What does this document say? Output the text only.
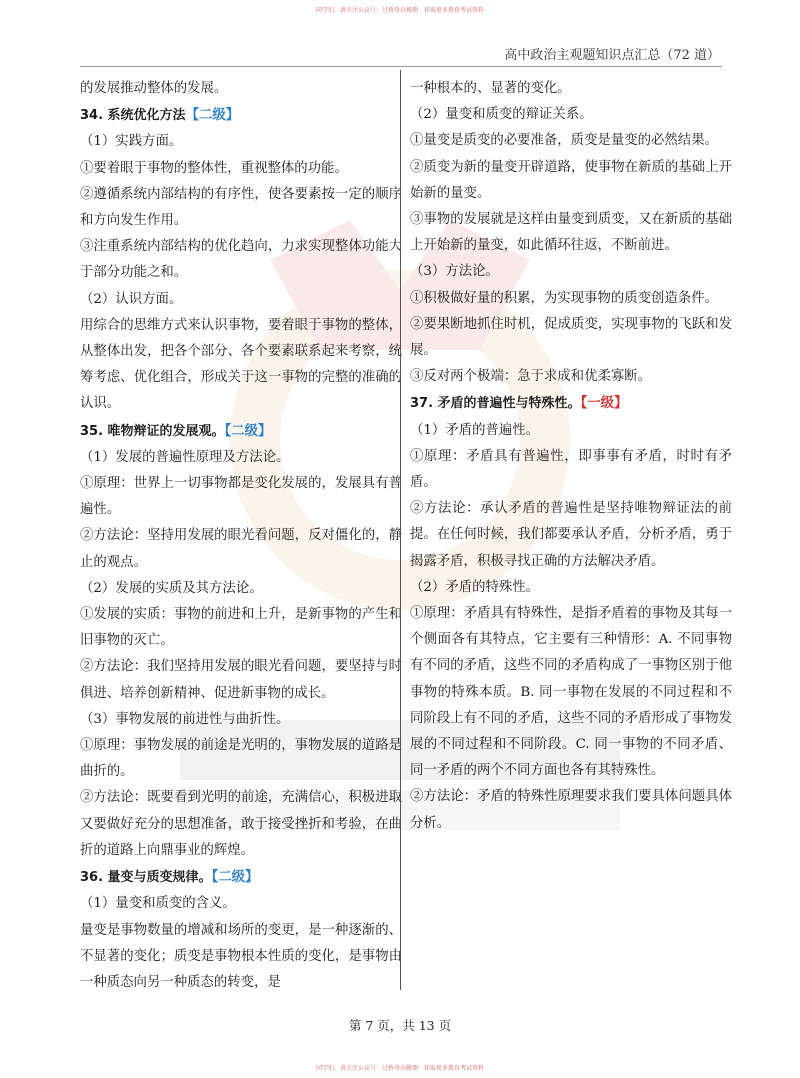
同学们，请关注公众号：过桥登高模测　获取更多教育考试资料
高中政治主观题知识点汇总（72 道）

的发展推动整体的发展。

34. 系统优化方法【二级】

（1）实践方面。

①要着眼于事物的整体性，重视整体的功能。

②遵循系统内部结构的有序性，使各要素按一定的顺序和方向发生作用。

③注重系统内部结构的优化趋向，力求实现整体功能大于部分功能之和。

（2）认识方面。

用综合的思维方式来认识事物，要着眼于事物的整体，从整体出发，把各个部分、各个要素联系起来考察，统筹考虑、优化组合，形成关于这一事物的完整的准确的认识。

35. 唯物辩证的发展观。【二级】

（1）发展的普遍性原理及方法论。

①原理：世界上一切事物都是变化发展的，发展具有普遍性。

②方法论：坚持用发展的眼光看问题，反对僵化的，静止的观点。

（2）发展的实质及其方法论。

①发展的实质：事物的前进和上升，是新事物的产生和旧事物的灭亡。

②方法论：我们坚持用发展的眼光看问题，要坚持与时俱进、培养创新精神、促进新事物的成长。

（3）事物发展的前进性与曲折性。

①原理：事物发展的前途是光明的，事物发展的道路是曲折的。

②方法论：既要看到光明的前途，充满信心，积极进取又要做好充分的思想准备，敢于接受挫折和考验，在曲折的道路上向鼎事业的辉煌。

36. 量变与质变规律。【二级】

（1）量变和质变的含义。

量变是事物数量的增减和场所的变更，是一种逐渐的、不显著的变化；质变是事物根本性质的变化，是事物由一种质态向另一种质态的转变，是

一种根本的、显著的变化。

（2）量变和质变的辩证关系。

①量变是质变的必要准备，质变是量变的必然结果。

②质变为新的量变开辟道路，使事物在新质的基础上开始新的量变。

③事物的发展就是这样由量变到质变，又在新质的基础上开始新的量变，如此循环往返，不断前进。

（3）方法论。

①积极做好量的积累，为实现事物的质变创造条件。

②要果断地抓住时机，促成质变，实现事物的飞跃和发展。

③反对两个极端：急于求成和优柔寡断。

37. 矛盾的普遍性与特殊性。【一级】

（1）矛盾的普遍性。

①原理：矛盾具有普遍性，即事事有矛盾，时时有矛盾。

②方法论：承认矛盾的普遍性是坚持唯物辩证法的前提。在任何时候，我们都要承认矛盾，分析矛盾，勇于揭露矛盾，积极寻找正确的方法解决矛盾。

（2）矛盾的特殊性。

①原理：矛盾具有特殊性，是指矛盾着的事物及其每一个侧面各有其特点，它主要有三种情形：A. 不同事物有不同的矛盾，这些不同的矛盾构成了一事物区别于他事物的特殊本质。B. 同一事物在发展的不同过程和不同阶段上有不同的矛盾，这些不同的矛盾形成了事物发展的不同过程和不同阶段。C. 同一事物的不同矛盾、同一矛盾的两个不同方面也各有其特殊性。

②方法论：矛盾的特殊性原理要求我们要具体问题具体分析。

第 7 页，共 13 页
同学们，请关注公众号：过桥登高模测　获取更多教育考试资料
